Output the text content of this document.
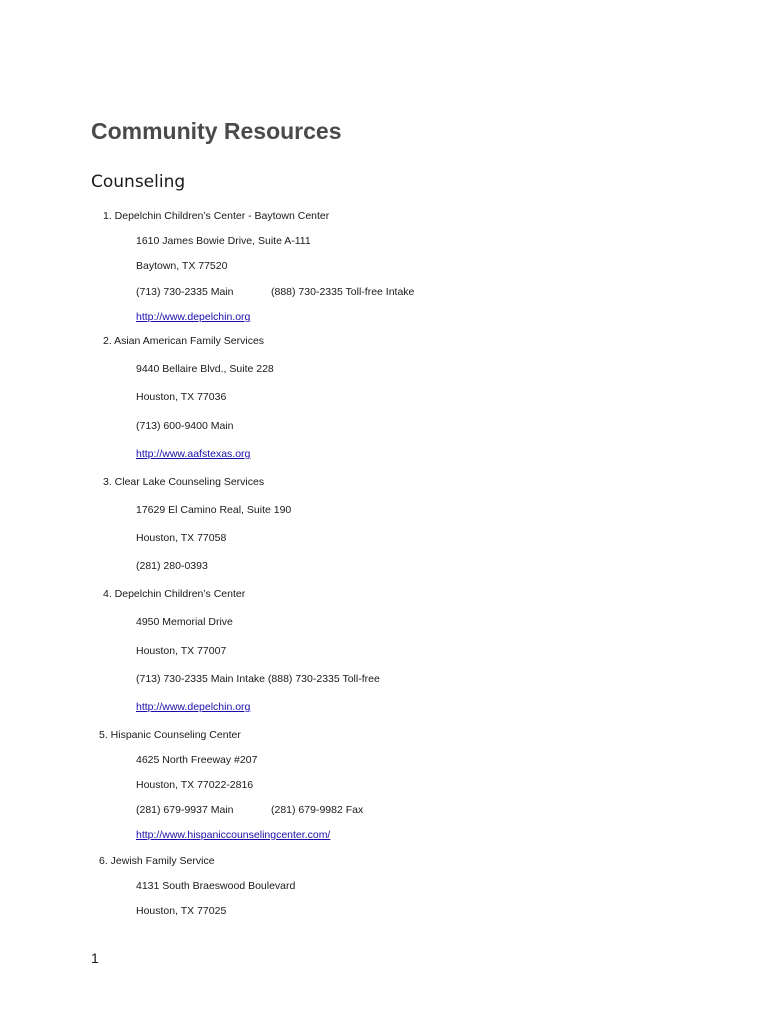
Community Resources
Counseling
1. Depelchin Children’s Center - Baytown Center
1610 James Bowie Drive, Suite A-111
Baytown, TX 77520
(713) 730-2335 Main	(888) 730-2335 Toll-free Intake
http://www.depelchin.org
2. Asian American Family Services
9440 Bellaire Blvd., Suite 228
Houston, TX 77036
(713) 600-9400 Main
http://www.aafstexas.org
3. Clear Lake Counseling Services
17629 El Camino Real, Suite 190
Houston, TX 77058
(281) 280-0393
4. Depelchin Children’s Center
4950 Memorial Drive
Houston, TX 77007
(713) 730-2335 Main Intake (888) 730-2335 Toll-free
http://www.depelchin.org
5. Hispanic Counseling Center
4625 North Freeway #207
Houston, TX 77022-2816
(281) 679-9937 Main	(281) 679-9982 Fax
http://www.hispaniccounselingcenter.com/
6. Jewish Family Service
4131 South Braeswood Boulevard
Houston, TX 77025
1
